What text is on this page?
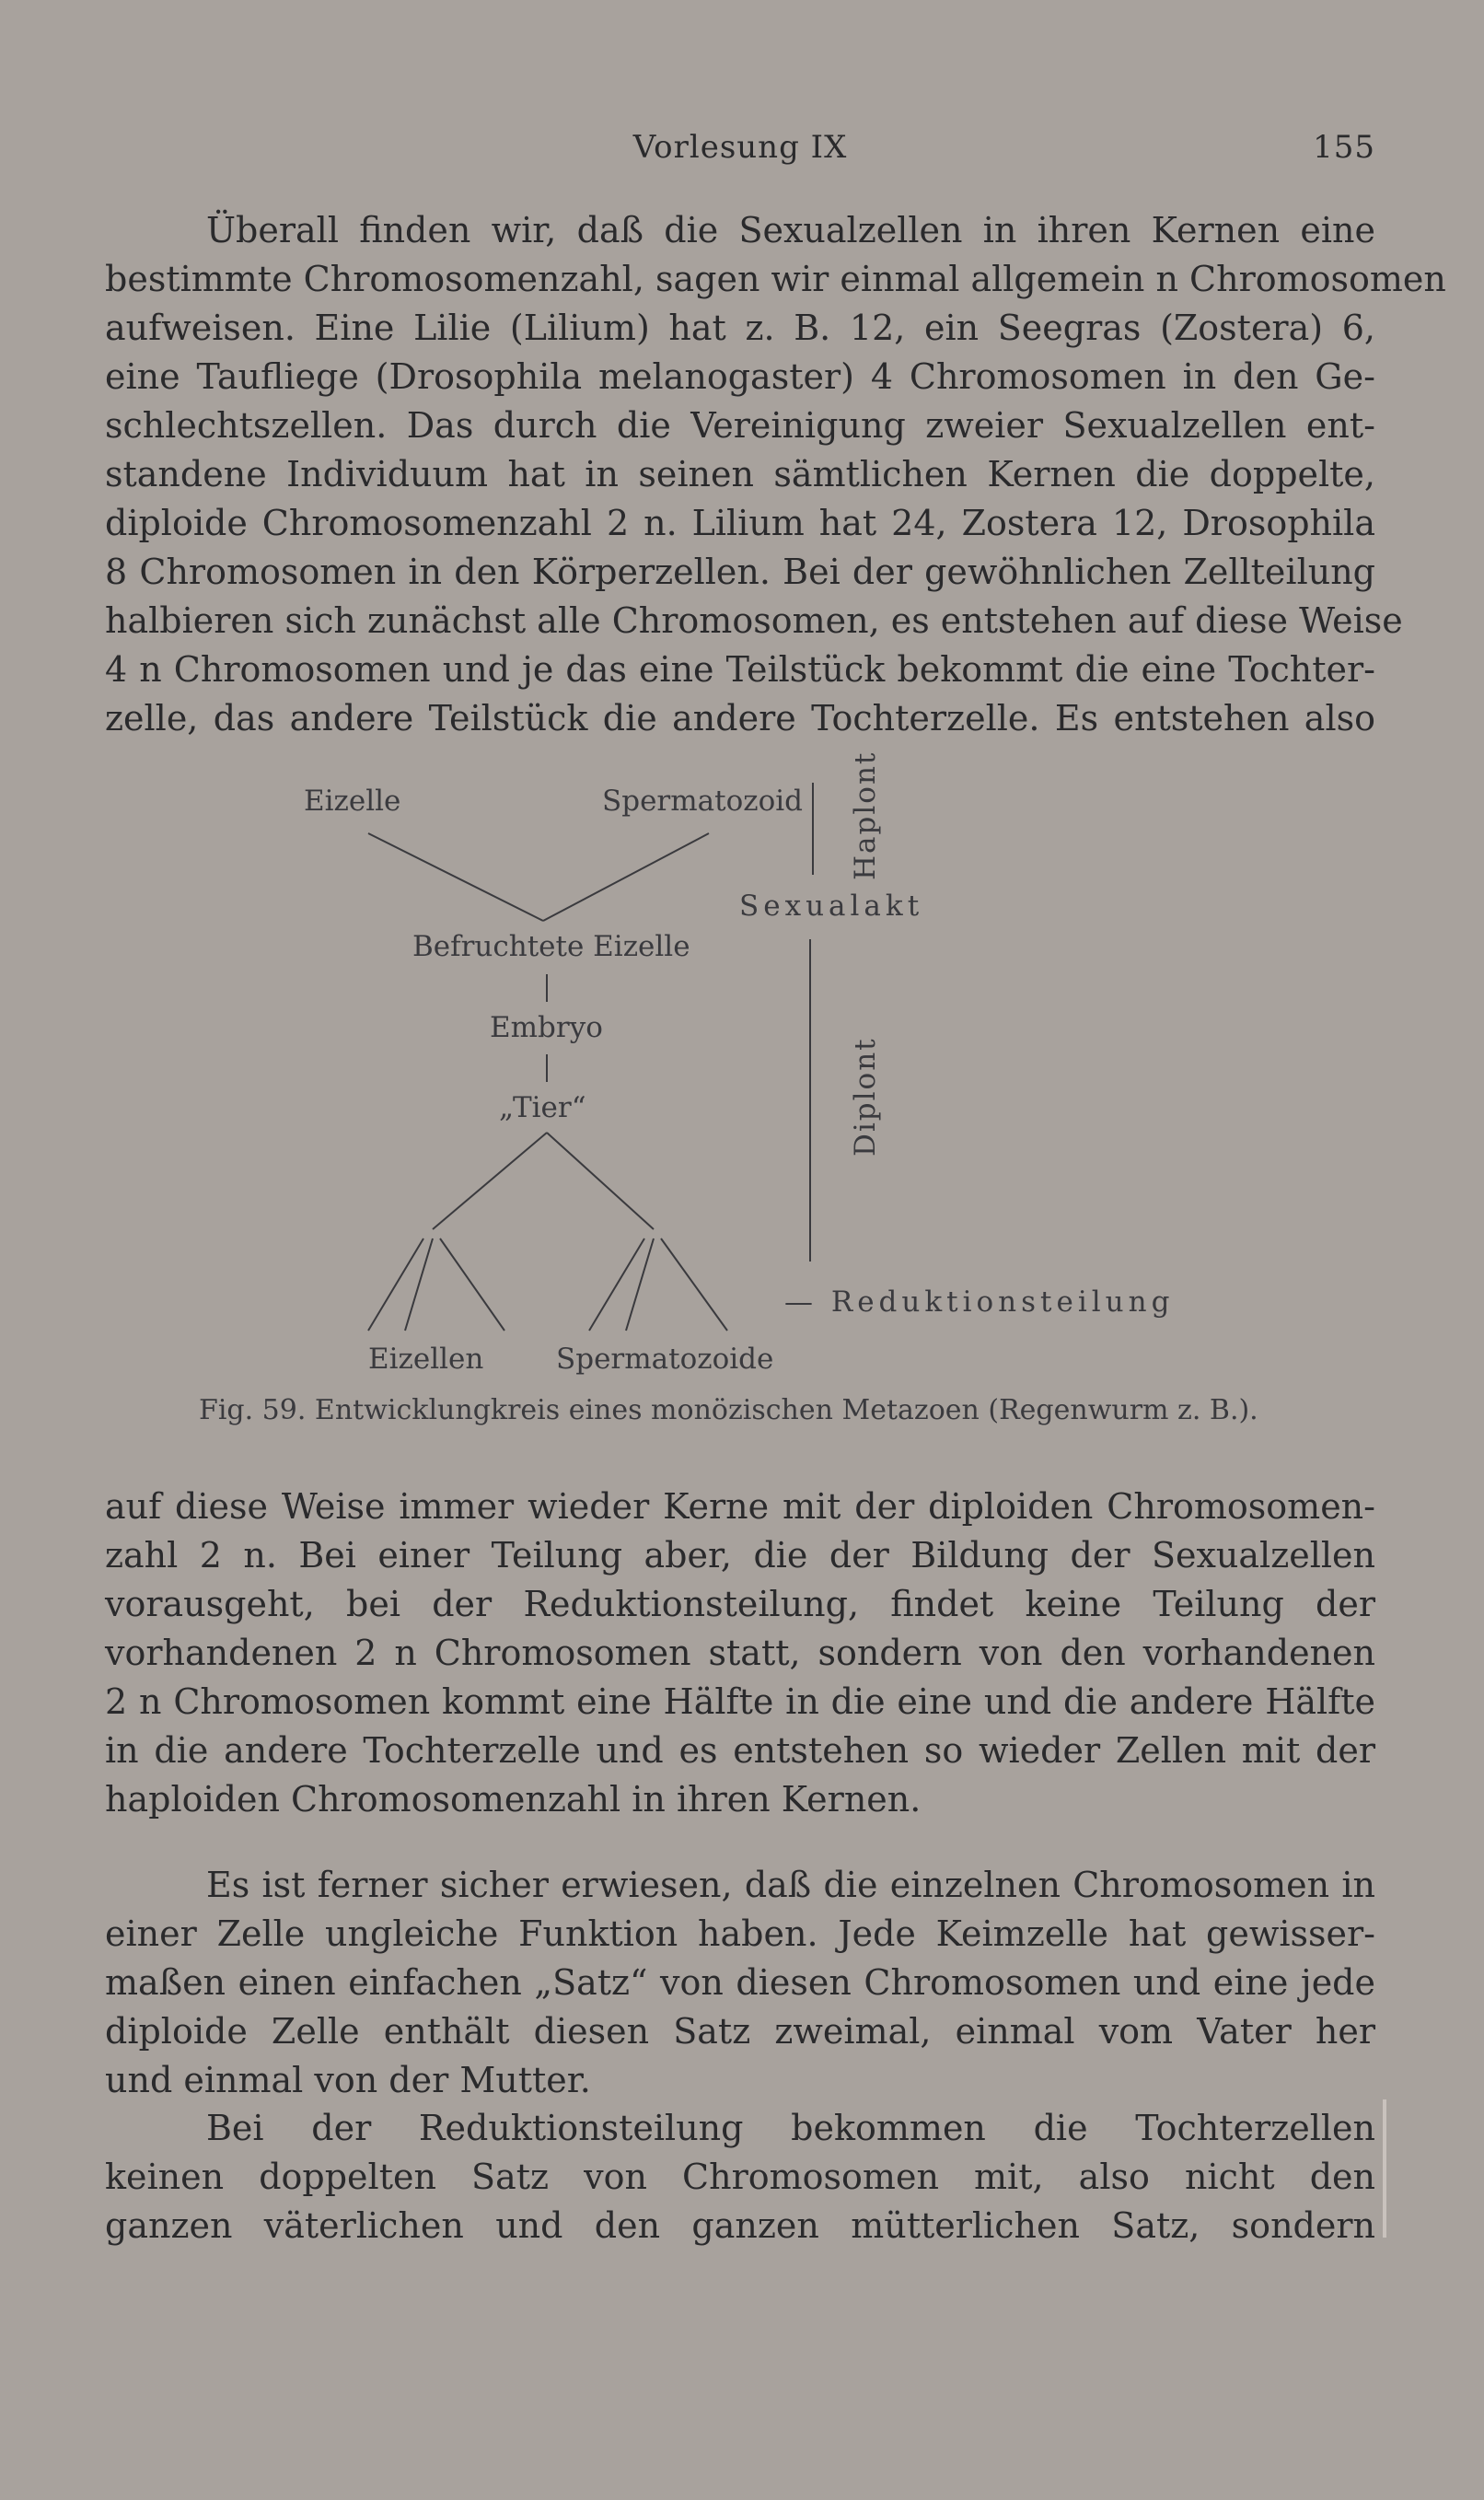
Vorlesung IX	155
Überall finden wir, daß die Sexualzellen in ihren Kernen eine
bestimmte Chromosomenzahl, sagen wir einmal allgemein n Chromosomen
aufweisen. Eine Lilie (Lilium) hat z. B. 12, ein Seegras (Zostera) 6,
eine Taufliege (Drosophila melanogaster) 4 Chromosomen in den Ge-
schlechtszellen. Das durch die Vereinigung zweier Sexualzellen ent-
standene Individuum hat in seinen sämtlichen Kernen die doppelte,
diploide Chromosomenzahl 2 n. Lilium hat 24, Zostera 12, Drosophila
8 Chromosomen in den Körperzellen. Bei der gewöhnlichen Zellteilung
halbieren sich zunächst alle Chromosomen, es entstehen auf diese Weise
4 n Chromosomen und je das eine Teilstück bekommt die eine Tochter-
zelle, das andere Teilstück die andere Tochterzelle. Es entstehen also
Eizelle	Spermatozoid Haplont
Sexualakt
Befruchtete Eizelle
Embryo
„Tier“	Diplont
— Reduktionsteilung
Eizellen	Spermatozoide
Fig. 59. Entwicklungkreis eines monözischen Metazoen (Regenwurm z. B.).
auf diese Weise immer wieder Kerne mit der diploiden Chromosomen-
zahl 2 n. Bei einer Teilung aber, die der Bildung der Sexualzellen
vorausgeht, bei der Reduktionsteilung, findet keine Teilung der
vorhandenen 2 n Chromosomen statt, sondern von den vorhandenen
2 n Chromosomen kommt eine Hälfte in die eine und die andere Hälfte
in die andere Tochterzelle und es entstehen so wieder Zellen mit der
haploiden Chromosomenzahl in ihren Kernen.
Es ist ferner sicher erwiesen, daß die einzelnen Chromosomen in
einer Zelle ungleiche Funktion haben. Jede Keimzelle hat gewisser-
maßen einen einfachen „Satz“ von diesen Chromosomen und eine jede
diploide Zelle enthält diesen Satz zweimal, einmal vom Vater her
und einmal von der Mutter.
Bei der Reduktionsteilung bekommen die Tochterzellen
keinen doppelten Satz von Chromosomen mit, also nicht den
ganzen väterlichen und den ganzen mütterlichen Satz, sondern
